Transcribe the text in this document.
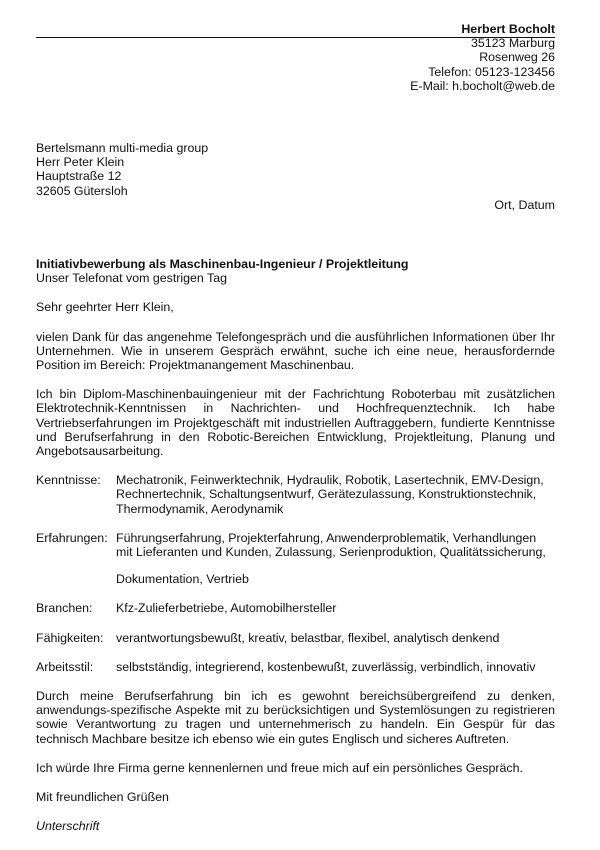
Herbert Bocholt
35123 Marburg
Rosenweg 26
Telefon: 05123-123456
E-Mail: h.bocholt@web.de
Bertelsmann multi-media group
Herr Peter Klein
Hauptstraße 12
32605 Gütersloh
Ort, Datum
Initiativbewerbung als Maschinenbau-Ingenieur / Projektleitung
Unser Telefonat vom gestrigen Tag
Sehr geehrter Herr Klein,

vielen Dank für das angenehme Telefongespräch und die ausführlichen Informationen über Ihr Unternehmen. Wie in unserem Gespräch erwähnt, suche ich eine neue, herausfordernde Position im Bereich: Projektmanangement Maschinenbau.

Ich bin Diplom-Maschinenbauingenieur mit der Fachrichtung Roboterbau mit zusätzlichen Elektrotechnik-Kenntnissen in Nachrichten- und Hochfrequenztechnik. Ich habe Vertriebserfahrungen im Projektgeschäft mit industriellen Auftraggebern, fundierte Kenntnisse und Berufserfahrung in den Robotic-Bereichen Entwicklung, Projektleitung, Planung und Angebotsausarbeitung.

Kenntnisse:	Mechatronik, Feinwerktechnik, Hydraulik, Robotik, Lasertechnik, EMV-Design, Rechnertechnik, Schaltungsentwurf, Gerätezulassung, Konstruktionstechnik, Thermodynamik, Aerodynamik
Erfahrungen: Führungserfahrung, Projekterfahrung, Anwenderproblematik, Verhandlungen mit Lieferanten und Kunden, Zulassung, Serienproduktion, Qualitätssicherung,
Dokumentation, Vertrieb
Branchen:	Kfz-Zulieferbetriebe, Automobilhersteller
Fähigkeiten:	verantwortungsbewußt, kreativ, belastbar, flexibel, analytisch denkend
Arbeitsstil:	selbstständig, integrierend, kostenbewußt, zuverlässig, verbindlich, innovativ

Durch meine Berufserfahrung bin ich es gewohnt bereichsübergreifend zu denken, anwendungs-spezifische Aspekte mit zu berücksichtigen und Systemlösungen zu registrieren sowie Verantwortung zu tragen und unternehmerisch zu handeln. Ein Gespür für das technisch Machbare besitze ich ebenso wie ein gutes Englisch und sicheres Auftreten.

Ich würde Ihre Firma gerne kennenlernen und freue mich auf ein persönliches Gespräch.

Mit freundlichen Grüßen
Unterschrift
